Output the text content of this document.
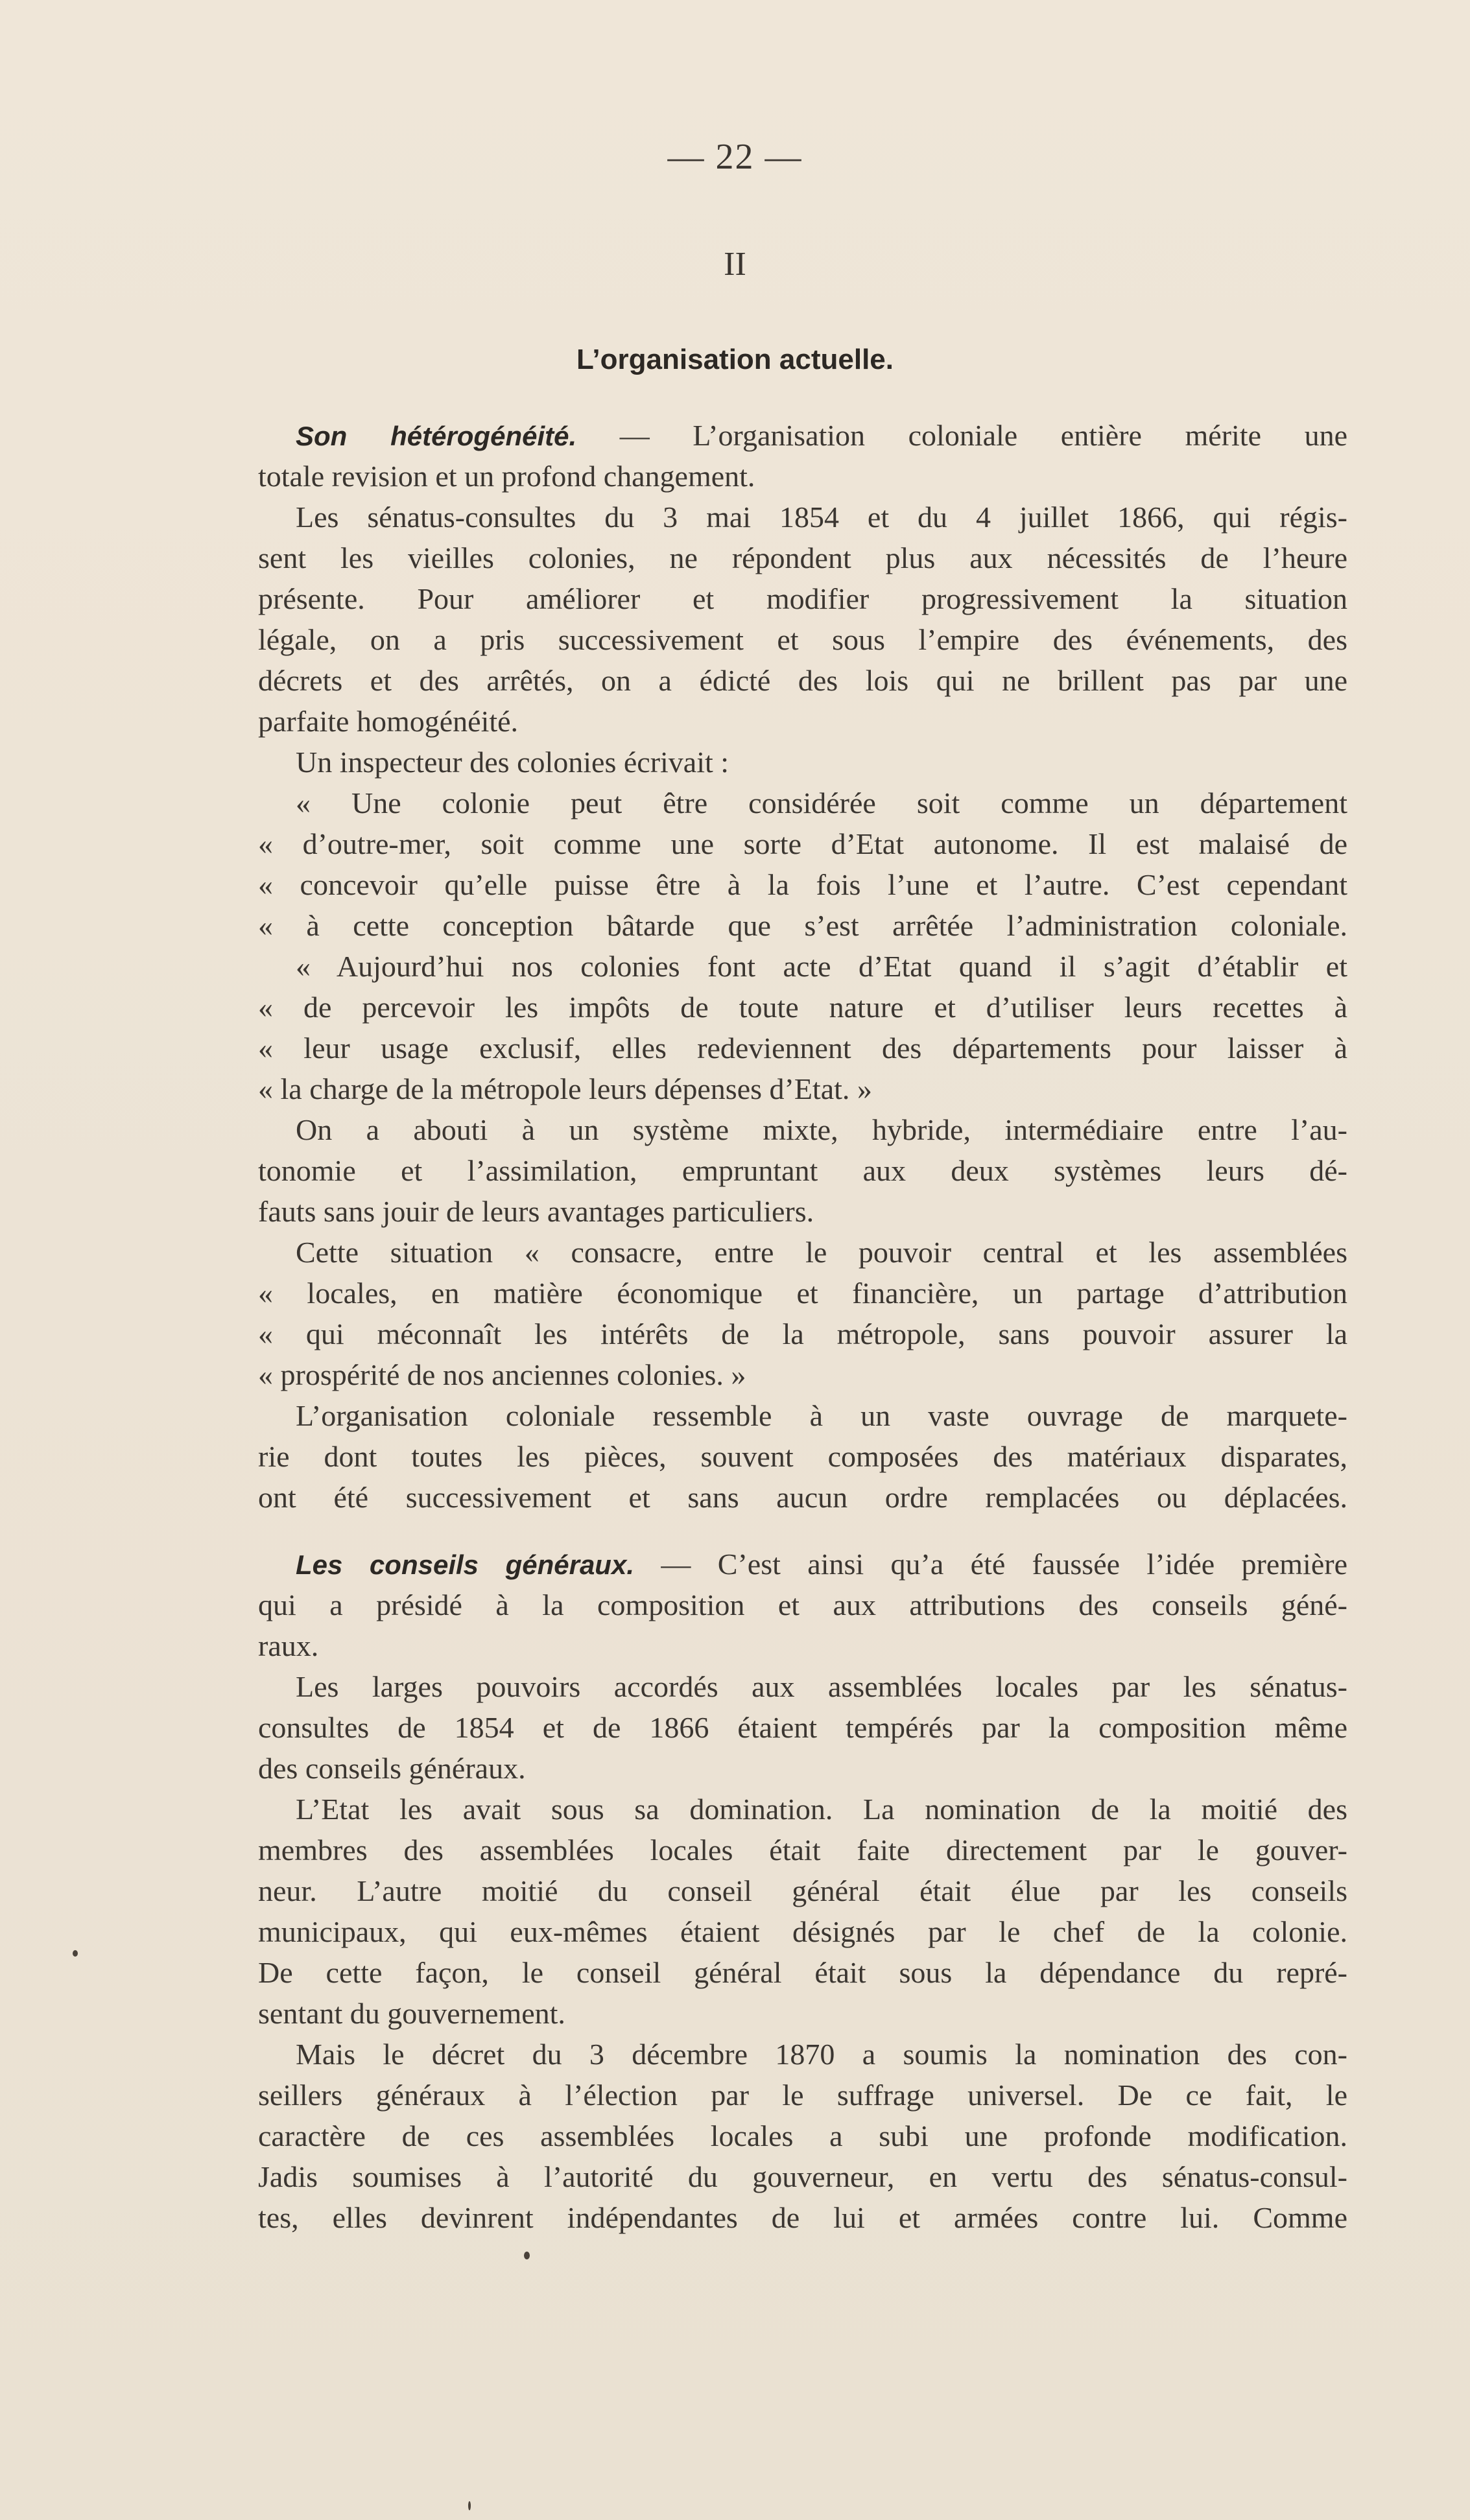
— 22 —
II
L’organisation actuelle.
Son hétérogénéité. — L’organisation coloniale entière mérite une
totale revision et un profond changement.
Les sénatus-consultes du 3 mai 1854 et du 4 juillet 1866, qui régis-
sent les vieilles colonies, ne répondent plus aux nécessités de l’heure
présente. Pour améliorer et modifier progressivement la situation
légale, on a pris successivement et sous l’empire des événements, des
décrets et des arrêtés, on a édicté des lois qui ne brillent pas par une
parfaite homogénéité.
Un inspecteur des colonies écrivait :
« Une colonie peut être considérée soit comme un département
« d’outre-mer, soit comme une sorte d’Etat autonome. Il est malaisé de
« concevoir qu’elle puisse être à la fois l’une et l’autre. C’est cependant
« à cette conception bâtarde que s’est arrêtée l’administration coloniale.
« Aujourd’hui nos colonies font acte d’Etat quand il s’agit d’établir et
« de percevoir les impôts de toute nature et d’utiliser leurs recettes à
« leur usage exclusif, elles redeviennent des départements pour laisser à
« la charge de la métropole leurs dépenses d’Etat. »
On a abouti à un système mixte, hybride, intermédiaire entre l’au-
tonomie et l’assimilation, empruntant aux deux systèmes leurs dé-
fauts sans jouir de leurs avantages particuliers.
Cette situation « consacre, entre le pouvoir central et les assemblées
« locales, en matière économique et financière, un partage d’attribution
« qui méconnaît les intérêts de la métropole, sans pouvoir assurer la
« prospérité de nos anciennes colonies. »
L’organisation coloniale ressemble à un vaste ouvrage de marquete-
rie dont toutes les pièces, souvent composées des matériaux disparates,
ont été successivement et sans aucun ordre remplacées ou déplacées.
Les conseils généraux. — C’est ainsi qu’a été faussée l’idée première
qui a présidé à la composition et aux attributions des conseils géné-
raux.
Les larges pouvoirs accordés aux assemblées locales par les sénatus-
consultes de 1854 et de 1866 étaient tempérés par la composition même
des conseils généraux.
L’Etat les avait sous sa domination. La nomination de la moitié des
membres des assemblées locales était faite directement par le gouver-
neur. L’autre moitié du conseil général était élue par les conseils
municipaux, qui eux-mêmes étaient désignés par le chef de la colonie.
De cette façon, le conseil général était sous la dépendance du repré-
sentant du gouvernement.
Mais le décret du 3 décembre 1870 a soumis la nomination des con-
seillers généraux à l’élection par le suffrage universel. De ce fait, le
caractère de ces assemblées locales a subi une profonde modification.
Jadis soumises à l’autorité du gouverneur, en vertu des sénatus-consul-
tes, elles devinrent indépendantes de lui et armées contre lui. Comme
